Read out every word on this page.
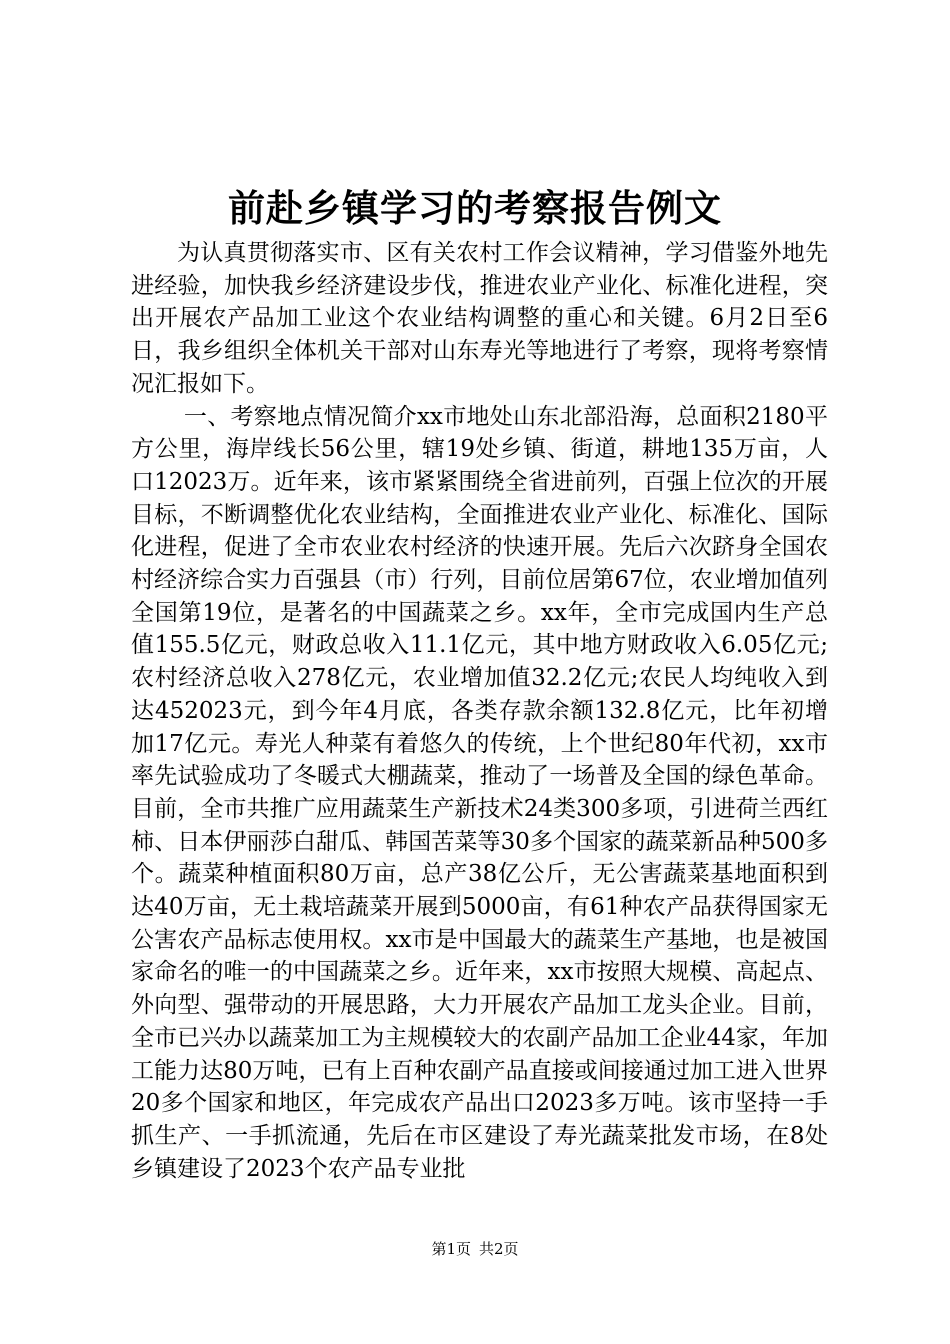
前赴乡镇学习的考察报告例文

为认真贯彻落实市、区有关农村工作会议精神，学习借鉴外地先进经验，加快我乡经济建设步伐，推进农业产业化、标准化进程，突出开展农产品加工业这个农业结构调整的重心和关键。6月2日至6日，我乡组织全体机关干部对山东寿光等地进行了考察，现将考察情况汇报如下。

一、考察地点情况简介xx市地处山东北部沿海，总面积2180平方公里，海岸线长56公里，辖19处乡镇、街道，耕地135万亩，人口12023万。近年来，该市紧紧围绕全省进前列，百强上位次的开展目标，不断调整优化农业结构，全面推进农业产业化、标准化、国际化进程，促进了全市农业农村经济的快速开展。先后六次跻身全国农村经济综合实力百强县（市）行列，目前位居第67位，农业增加值列全国第19位，是著名的中国蔬菜之乡。xx年，全市完成国内生产总值155.5亿元，财政总收入11.1亿元，其中地方财政收入6.05亿元;农村经济总收入278亿元，农业增加值32.2亿元;农民人均纯收入到达452023元，到今年4月底，各类存款余额132.8亿元，比年初增加17亿元。寿光人种菜有着悠久的传统，上个世纪80年代初，xx市率先试验成功了冬暖式大棚蔬菜，推动了一场普及全国的绿色革命。目前，全市共推广应用蔬菜生产新技术24类300多项，引进荷兰西红柿、日本伊丽莎白甜瓜、韩国苦菜等30多个国家的蔬菜新品种500多个。蔬菜种植面积80万亩，总产38亿公斤，无公害蔬菜基地面积到达40万亩，无土栽培蔬菜开展到5000亩，有61种农产品获得国家无公害农产品标志使用权。xx市是中国最大的蔬菜生产基地，也是被国家命名的唯一的中国蔬菜之乡。近年来，xx市按照大规模、高起点、外向型、强带动的开展思路，大力开展农产品加工龙头企业。目前，全市已兴办以蔬菜加工为主规模较大的农副产品加工企业44家，年加工能力达80万吨，已有上百种农副产品直接或间接通过加工进入世界20多个国家和地区，年完成农产品出口2023多万吨。该市坚持一手抓生产、一手抓流通，先后在市区建设了寿光蔬菜批发市场，在8处乡镇建设了2023个农产品专业批

第1页 共2页
